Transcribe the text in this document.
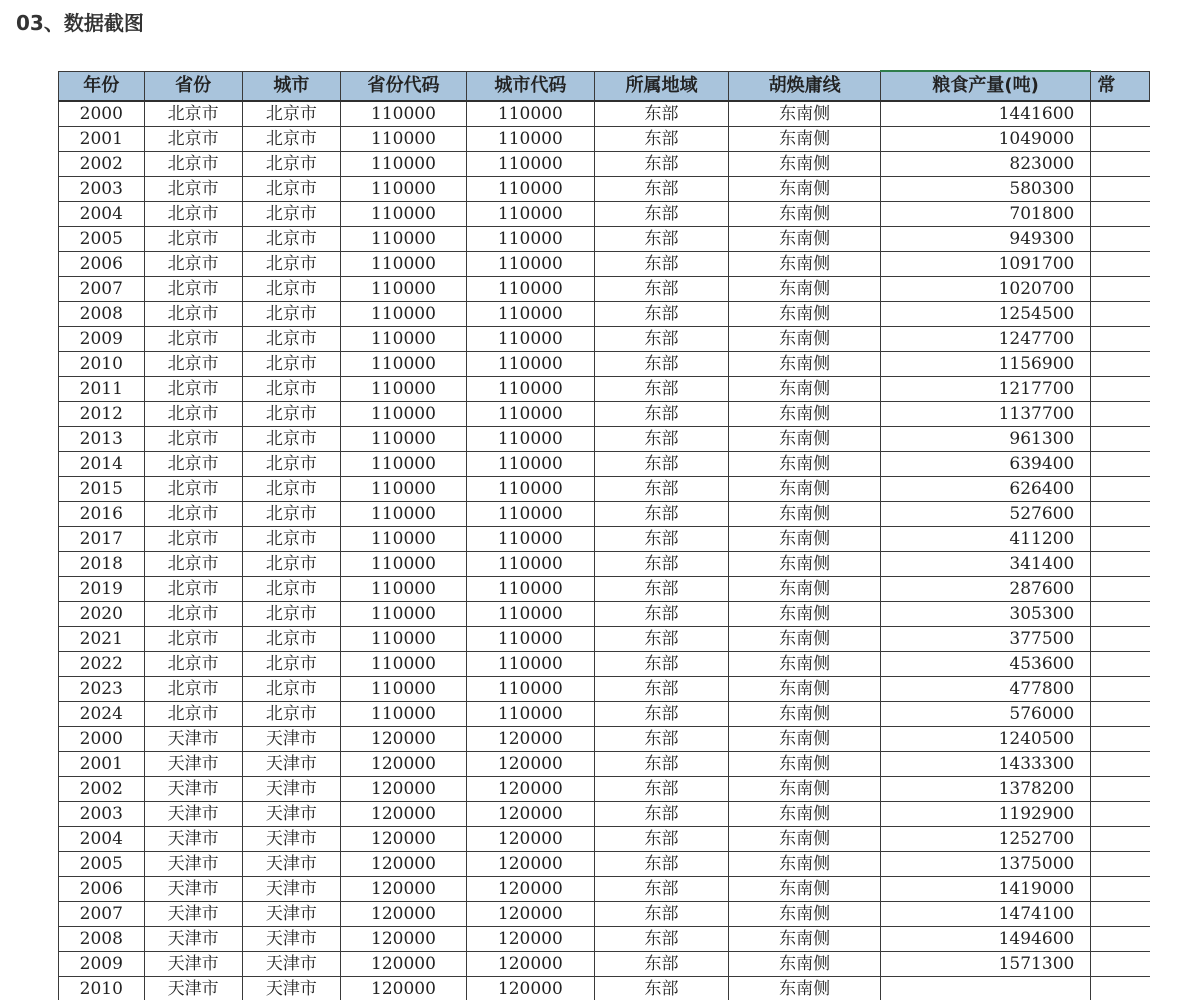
03、数据截图
年份	省份	城市	省份代码	城市代码	所属地域	胡焕庸线	粮食产量(吨)	常
2000	北京市	北京市	110000	110000	东部	东南侧	1441600	
2001	北京市	北京市	110000	110000	东部	东南侧	1049000	
2002	北京市	北京市	110000	110000	东部	东南侧	823000	
2003	北京市	北京市	110000	110000	东部	东南侧	580300	
2004	北京市	北京市	110000	110000	东部	东南侧	701800	
2005	北京市	北京市	110000	110000	东部	东南侧	949300	
2006	北京市	北京市	110000	110000	东部	东南侧	1091700	
2007	北京市	北京市	110000	110000	东部	东南侧	1020700	
2008	北京市	北京市	110000	110000	东部	东南侧	1254500	
2009	北京市	北京市	110000	110000	东部	东南侧	1247700	
2010	北京市	北京市	110000	110000	东部	东南侧	1156900	
2011	北京市	北京市	110000	110000	东部	东南侧	1217700	
2012	北京市	北京市	110000	110000	东部	东南侧	1137700	
2013	北京市	北京市	110000	110000	东部	东南侧	961300	
2014	北京市	北京市	110000	110000	东部	东南侧	639400	
2015	北京市	北京市	110000	110000	东部	东南侧	626400	
2016	北京市	北京市	110000	110000	东部	东南侧	527600	
2017	北京市	北京市	110000	110000	东部	东南侧	411200	
2018	北京市	北京市	110000	110000	东部	东南侧	341400	
2019	北京市	北京市	110000	110000	东部	东南侧	287600	
2020	北京市	北京市	110000	110000	东部	东南侧	305300	
2021	北京市	北京市	110000	110000	东部	东南侧	377500	
2022	北京市	北京市	110000	110000	东部	东南侧	453600	
2023	北京市	北京市	110000	110000	东部	东南侧	477800	
2024	北京市	北京市	110000	110000	东部	东南侧	576000	
2000	天津市	天津市	120000	120000	东部	东南侧	1240500	
2001	天津市	天津市	120000	120000	东部	东南侧	1433300	
2002	天津市	天津市	120000	120000	东部	东南侧	1378200	
2003	天津市	天津市	120000	120000	东部	东南侧	1192900	
2004	天津市	天津市	120000	120000	东部	东南侧	1252700	
2005	天津市	天津市	120000	120000	东部	东南侧	1375000	
2006	天津市	天津市	120000	120000	东部	东南侧	1419000	
2007	天津市	天津市	120000	120000	东部	东南侧	1474100	
2008	天津市	天津市	120000	120000	东部	东南侧	1494600	
2009	天津市	天津市	120000	120000	东部	东南侧	1571300	
2010	天津市	天津市	120000	120000	东部	东南侧		
